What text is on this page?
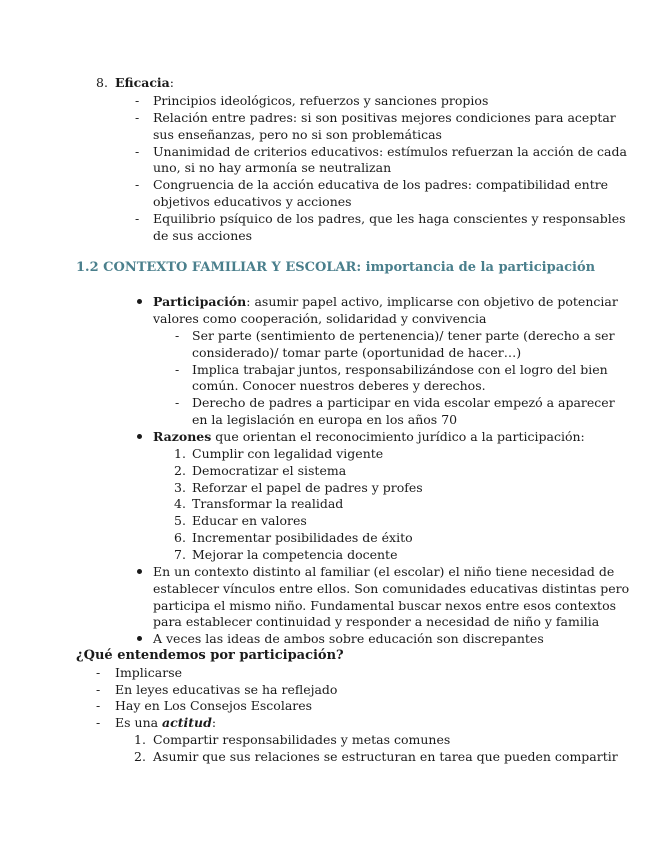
8. Eficacia:
- Principios ideológicos, refuerzos y sanciones propios
- Relación entre padres: si son positivas mejores condiciones para aceptar
sus enseñanzas, pero no si son problemáticas
- Unanimidad de criterios educativos: estímulos refuerzan la acción de cada
uno, si no hay armonía se neutralizan
- Congruencia de la acción educativa de los padres: compatibilidad entre
objetivos educativos y acciones
- Equilibrio psíquico de los padres, que les haga conscientes y responsables
de sus acciones
1.2 CONTEXTO FAMILIAR Y ESCOLAR: importancia de la participación
Participación: asumir papel activo, implicarse con objetivo de potenciar
valores como cooperación, solidaridad y convivencia
- Ser parte (sentimiento de pertenencia)/ tener parte (derecho a ser
considerado)/ tomar parte (oportunidad de hacer…)
- Implica trabajar juntos, responsabilizándose con el logro del bien
común. Conocer nuestros deberes y derechos.
- Derecho de padres a participar en vida escolar empezó a aparecer
en la legislación en europa en los años 70
Razones que orientan el reconocimiento jurídico a la participación:
1. Cumplir con legalidad vigente
2. Democratizar el sistema
3. Reforzar el papel de padres y profes
4. Transformar la realidad
5. Educar en valores
6. Incrementar posibilidades de éxito
7. Mejorar la competencia docente
En un contexto distinto al familiar (el escolar) el niño tiene necesidad de
establecer vínculos entre ellos. Son comunidades educativas distintas pero
participa el mismo niño. Fundamental buscar nexos entre esos contextos
para establecer continuidad y responder a necesidad de niño y familia
A veces las ideas de ambos sobre educación son discrepantes
¿Qué entendemos por participación?
- Implicarse
- En leyes educativas se ha reflejado
- Hay en Los Consejos Escolares
- Es una actitud:
1. Compartir responsabilidades y metas comunes
2. Asumir que sus relaciones se estructuran en tarea que pueden compartir
